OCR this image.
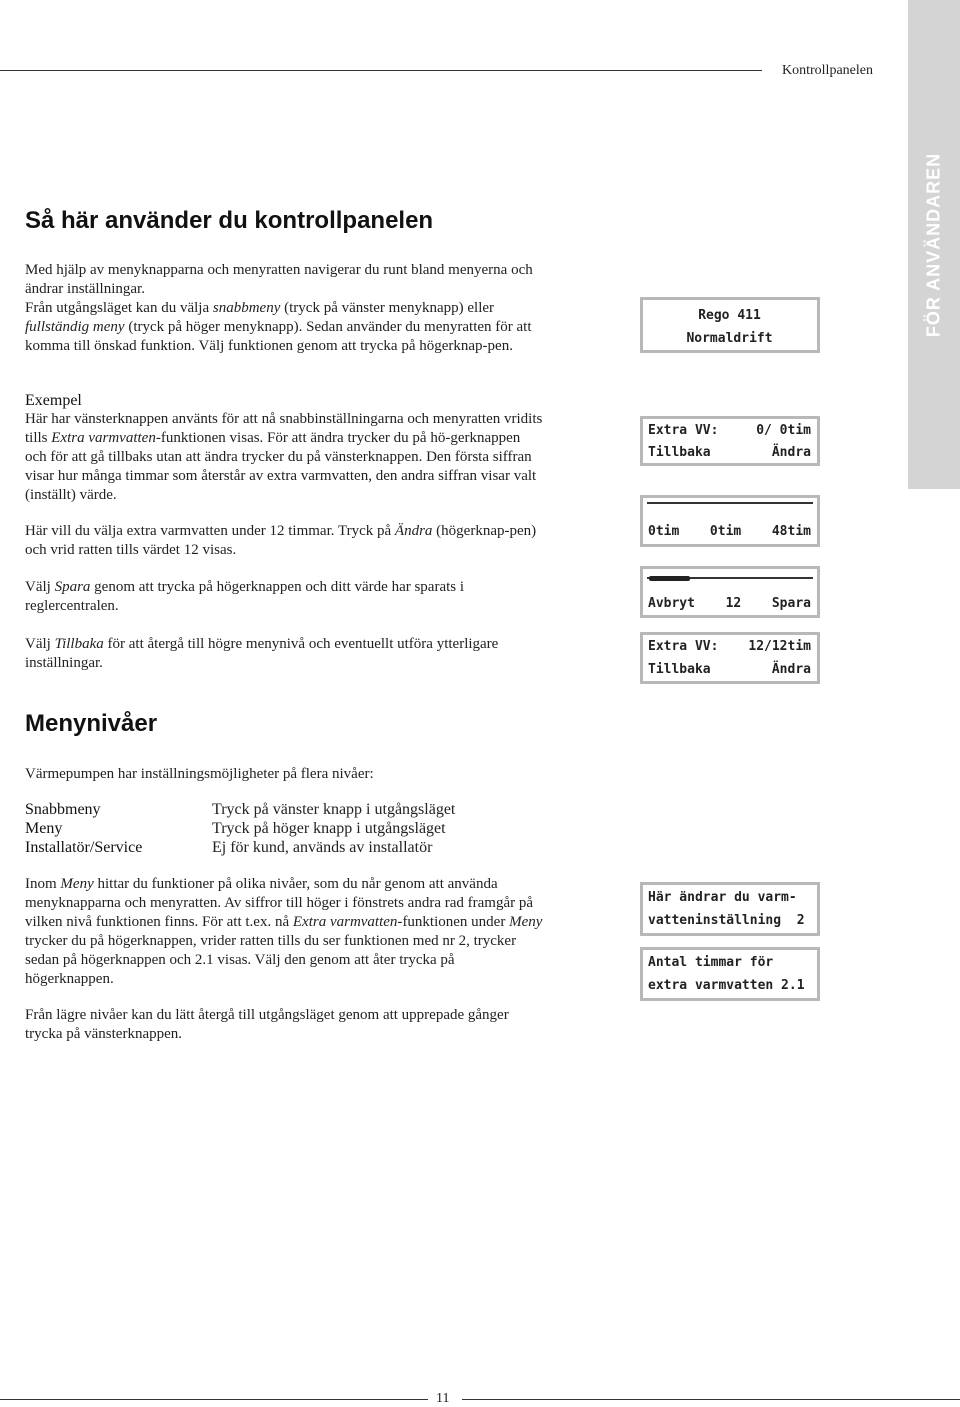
Kontrollpanelen
FÖR ANVÄNDAREN
Så här använder du kontrollpanelen

Med hjälp av menyknapparna och menyratten navigerar du runt bland menyerna och ändrar inställningar.

Från utgångsläget kan du välja snabbmeny (tryck på vänster menyknapp) eller fullständig meny (tryck på höger menyknapp). Sedan använder du menyratten för att komma till önskad funktion. Välj funktionen genom att trycka på högerknap-pen.

Exempel

Här har vänsterknappen använts för att nå snabbinställningarna och menyratten vridits tills Extra varmvatten-funktionen visas. För att ändra trycker du på hö-gerknappen och för att gå tillbaks utan att ändra trycker du på vänsterknappen. Den första siffran visar hur många timmar som återstår av extra varmvatten, den andra siffran visar valt (inställt) värde.

Här vill du välja extra varmvatten under 12 timmar. Tryck på Ändra (högerknap-pen) och vrid ratten tills värdet 12 visas.

Välj Spara genom att trycka på högerknappen och ditt värde har sparats i reglercentralen.

Välj Tillbaka för att återgå till högre menynivå och eventuellt utföra ytterligare inställningar.

Rego 411
Normaldrift
Extra VV:	0/ 0tim
Tillbaka	Ändra
0tim 0tim 48tim
Avbryt 12 Spara
Extra VV: 12/12tim
Tillbaka	Ändra
Menynivåer
Värmepumpen har inställningsmöjligheter på flera nivåer:
Snabbmeny	Tryck på vänster knapp i utgångsläget
Meny	Tryck på höger knapp i utgångsläget
Installatör/Service	Ej för kund, används av installatör

Inom Meny hittar du funktioner på olika nivåer, som du når genom att använda menyknapparna och menyratten. Av siffror till höger i fönstrets andra rad framgår på vilken nivå funktionen finns. För att t.ex. nå Extra varmvatten-funktionen under Meny trycker du på högerknappen, vrider ratten tills du ser funktionen med nr 2, trycker sedan på högerknappen och 2.1 visas. Välj den genom att åter trycka på högerknappen.

Från lägre nivåer kan du lätt återgå till utgångsläget genom att upprepade gånger trycka på vänsterknappen.
Här ändrar du varm-
vatteninställning  2
Antal timmar för
extra varmvatten 2.1
11
